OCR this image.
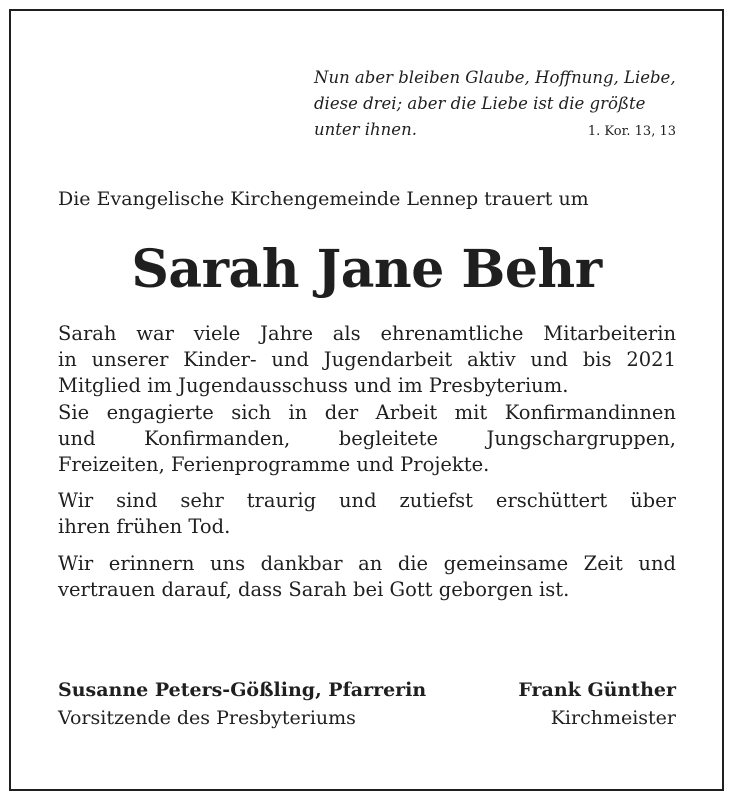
Nun aber bleiben Glaube, Hoffnung, Liebe,
diese drei; aber die Liebe ist die größte
unter ihnen.	1. Kor. 13, 13
Die Evangelische Kirchengemeinde Lennep trauert um
Sarah Jane Behr

Sarah war viele Jahre als ehrenamtliche Mitarbeiterin
in unserer Kinder- und Jugendarbeit aktiv und bis 2021
Mitglied im Jugendausschuss und im Presbyterium.
Sie engagierte sich in der Arbeit mit Konfirmandinnen
und Konfirmanden, begleitete Jungschargruppen,
Freizeiten, Ferienprogramme und Projekte.

Wir sind sehr traurig und zutiefst erschüttert über
ihren frühen Tod.

Wir erinnern uns dankbar an die gemeinsame Zeit und
vertrauen darauf, dass Sarah bei Gott geborgen ist.

Susanne Peters-Gößling, Pfarrerin
Vorsitzende des Presbyteriums
Frank Günther
Kirchmeister
